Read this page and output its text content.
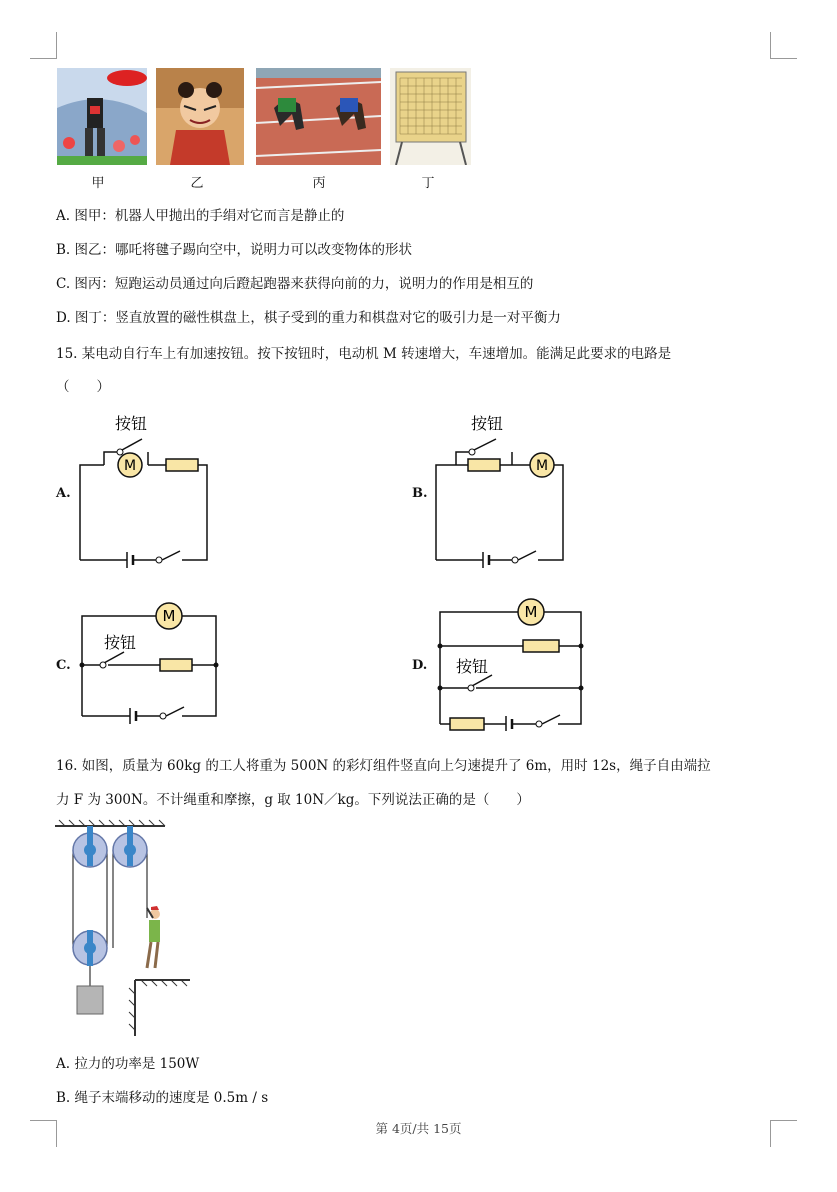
甲	乙	丙	丁
A. 图甲：机器人甲抛出的手绢对它而言是静止的
B. 图乙：哪吒将毽子踢向空中，说明力可以改变物体的形状
C. 图丙：短跑运动员通过向后蹬起跑器来获得向前的力，说明力的作用是相互的
D. 图丁：竖直放置的磁性棋盘上，棋子受到的重力和棋盘对它的吸引力是一对平衡力
15. 某电动自行车上有加速按钮。按下按钮时，电动机 M 转速增大，车速增加。能满足此要求的电路是
（　　）
A.	B.
C.	D.
M
按钮
M
按钮
M
按钮
M
按钮
16. 如图，质量为 60kg 的工人将重为 500N 的彩灯组件竖直向上匀速提升了 6m，用时 12s，绳子自由端拉
力 F 为 300N。不计绳重和摩擦，g 取 10N／kg。下列说法正确的是（　　）
A. 拉力的功率是 150W
B. 绳子末端移动的速度是 0.5m / s
第 4页/共 15页
